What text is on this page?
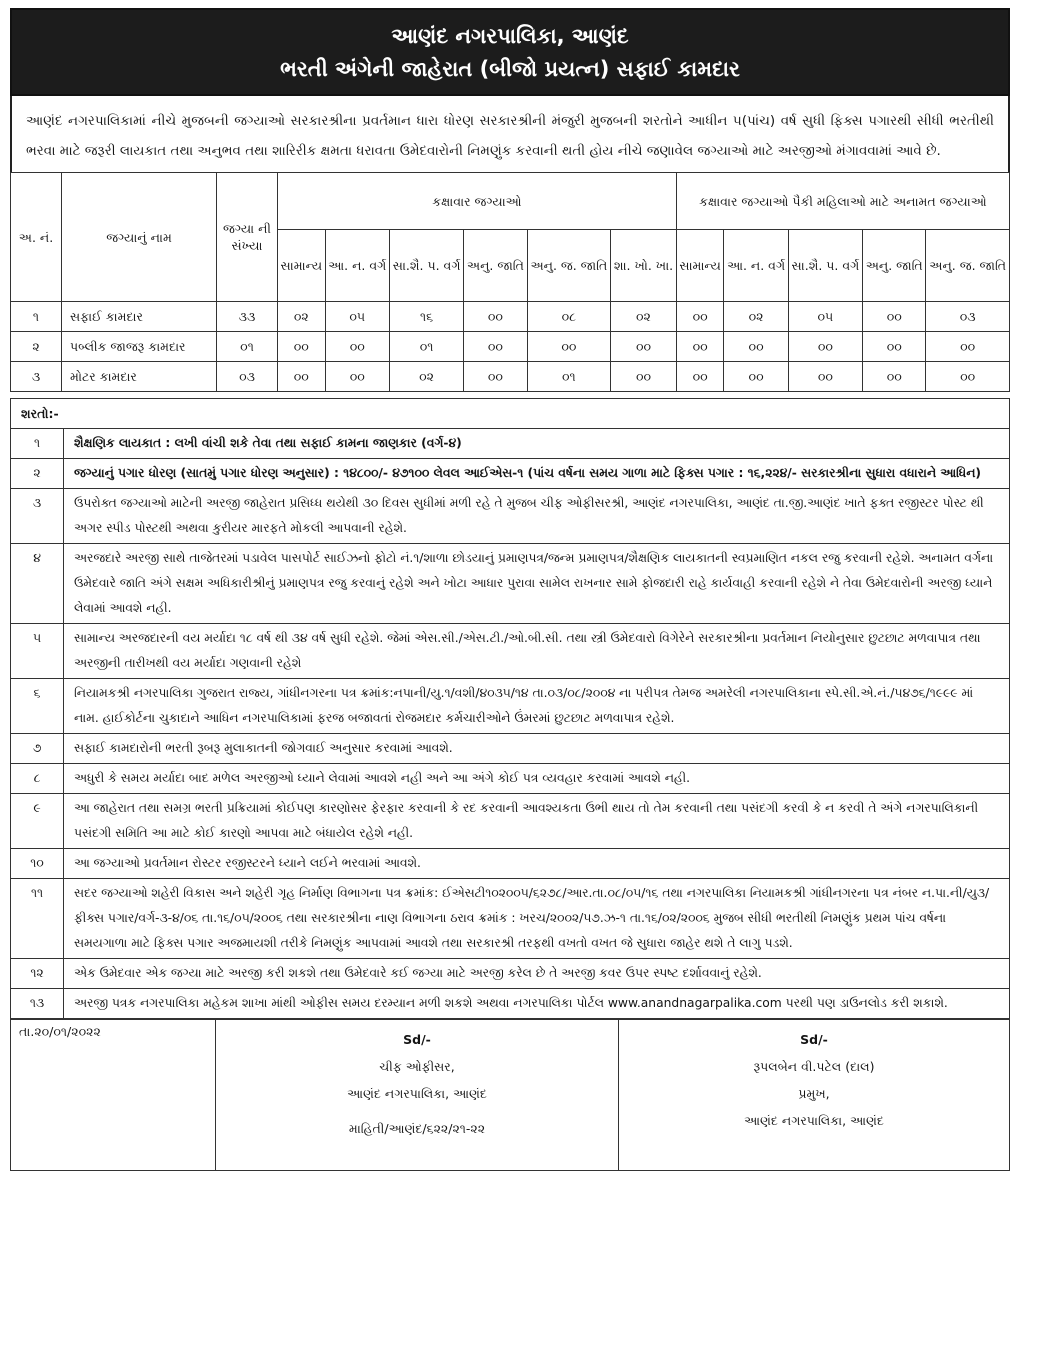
આણંદ નગરપાલિકા, આણંદ
ભરતી અંગેની જાહેરાત (બીજો પ્રયત્ન) સફાઈ કામદાર
આણંદ નગરપાલિકામાં નીચે મુજબની જગ્યાઓ સરકારશ્રીના પ્રવર્તમાન ધારા ધોરણ સરકારશ્રીની મંજુરી મુજબની શરતોને આધીન ૫(પાંચ) વર્ષ સુધી ફિક્સ પગારથી સીધી ભરતીથી ભરવા માટે જરૂરી લાયકાત તથા અનુભવ તથા શારિરીક ક્ષમતા ધરાવતા ઉમેદવારોની નિમણુંક કરવાની થતી હોય નીચે જણાવેલ જગ્યાઓ માટે અરજીઓ મંગાવવામાં આવે છે.
અ. નં.	જગ્યાનું નામ	જગ્યા ની સંખ્યા	કક્ષાવાર જગ્યાઓ						કક્ષાવાર જગ્યાઓ પૈકી મહિલાઓ માટે અનામત જગ્યાઓ				
			સામાન્ય	આ. ન. વર્ગ	સા.શૈ. પ. વર્ગ	અનુ. જાતિ	અનુ. જ. જાતિ	શા. ખો. ખા.	સામાન્ય	આ. ન. વર્ગ	સા.શૈ. પ. વર્ગ	અનુ. જાતિ	અનુ. જ. જાતિ
૧	સફાઈ કામદાર	૩૩	૦૨	૦૫	૧૬	૦૦	૦૮	૦૨	૦૦	૦૨	૦૫	૦૦	૦૩
૨	પબ્લીક જાજરૂ કામદાર	૦૧	૦૦	૦૦	૦૧	૦૦	૦૦	૦૦	૦૦	૦૦	૦૦	૦૦	૦૦
૩	મોટર કામદાર	૦૩	૦૦	૦૦	૦૨	૦૦	૦૧	૦૦	૦૦	૦૦	૦૦	૦૦	૦૦
શરતો:-	
૧	શૈક્ષણિક લાયકાત : લખી વાંચી શકે તેવા તથા સફાઈ કામના જાણકાર (વર્ગ-૪)
૨	જગ્યાનું પગાર ધોરણ (સાતમું પગાર ધોરણ અનુસાર) : ૧૪૮૦૦/- ૪૭૧૦૦ લેવલ આઈએસ-૧ (પાંચ વર્ષના સમય ગાળા માટે ફિક્સ પગાર : ૧૬,૨૨૪/- સરકારશ્રીના સુધારા વધારાને આધિન)
૩	ઉપરોક્ત જગ્યાઓ માટેની અરજી જાહેરાત પ્રસિધ્ધ થયેથી ૩૦ દિવસ સુધીમાં મળી રહે તે મુજબ ચીફ ઓફીસરશ્રી, આણંદ નગરપાલિકા, આણંદ તા.જી.આણંદ ખાતે ફક્ત રજીસ્ટર પોસ્ટ થી અગર સ્પીડ પોસ્ટથી અથવા કુરીયર મારફતે મોકલી આપવાની રહેશે.
૪	અરજદારે અરજી સાથે તાજેતરમાં પડાવેલ પાસપોર્ટ સાઈઝનો ફોટો નં.૧/શાળા છોડયાનું પ્રમાણપત્ર/જન્મ પ્રમાણપત્ર/શૈક્ષણિક લાયકાતની સ્વપ્રમાણિત નકલ રજુ કરવાની રહેશે. અનામત વર્ગના ઉમેદવારે જાતિ અંગે સક્ષમ અધિકારીશ્રીનું પ્રમાણપત્ર રજુ કરવાનું રહેશે અને ખોટા આધાર પુરાવા સામેલ રાખનાર સામે ફોજદારી રાહે કાર્યવાહી કરવાની રહેશે ને તેવા ઉમેદવારોની અરજી ધ્યાને લેવામાં આવશે નહી.
૫	સામાન્ય અરજદારની વય મર્યાદા ૧૮ વર્ષ થી ૩૪ વર્ષ સુધી રહેશે. જેમાં એસ.સી./એસ.ટી./ઓ.બી.સી. તથા સ્ત્રી ઉમેદવારો વિગેરેને સરકારશ્રીના પ્રવર્તમાન નિયોનુસાર છુટછાટ મળવાપાત્ર તથા અરજીની તારીખથી વય મર્યાદા ગણવાની રહેશે
૬	નિયામકશ્રી નગરપાલિકા ગુજરાત રાજ્ય, ગાંધીનગરના પત્ર ક્રમાંક:નપાની/યુ.૧/વશી/૪૦૩૫/૧૪ તા.૦૩/૦૮/૨૦૦૪ ના પરીપત્ર તેમજ અમરેલી નગરપાલિકાના સ્પે.સી.એ.નં./૫૪૭૬/૧૯૯૯ માં નામ. હાઈકોર્ટના ચુકાદાને આધિન નગરપાલિકામાં ફરજ બજાવતાં રોજમદાર કર્મચારીઓને ઉંમરમાં છુટછાટ મળવાપાત્ર રહેશે.
૭	સફાઈ કામદારોની ભરતી રૂબરૂ મુલાકાતની જોગવાઈ અનુસાર કરવામાં આવશે.
૮	અધુરી કે સમય મર્યાદા બાદ મળેલ અરજીઓ ધ્યાને લેવામાં આવશે નહી અને આ અંગે કોઈ પત્ર વ્યવહાર કરવામાં આવશે નહી.
૯	આ જાહેરાત તથા સમગ્ર ભરતી પ્રક્રિયામાં કોઈપણ કારણોસર ફેરફાર કરવાની કે રદ કરવાની આવશ્યકતા ઉભી થાય તો તેમ કરવાની તથા પસંદગી કરવી કે ન કરવી તે અંગે નગરપાલિકાની પસંદગી સમિતિ આ માટે કોઈ કારણો આપવા માટે બંધાયેલ રહેશે નહી.
૧૦	આ જગ્યાઓ પ્રવર્તમાન રોસ્ટર રજીસ્ટરને ધ્યાને લઈને ભરવામાં આવશે.
૧૧	સદર જગ્યાઓ શહેરી વિકાસ અને શહેરી ગૃહ નિર્માણ વિભાગના પત્ર ક્રમાંક: ઈએસટી૧૦૨૦૦૫/૬૨૭૮/આર.તા.૦૮/૦૫/૧૬ તથા નગરપાલિકા નિયામકશ્રી ગાંધીનગરના પત્ર નંબર ન.પા.ની/યુ૩/ફીક્સ પગાર/વર્ગ-૩-૪/૦૬ તા.૧૬/૦૫/૨૦૦૬ તથા સરકારશ્રીના નાણ વિભાગના ઠરાવ ક્રમાંક : ખરચ/૨૦૦૨/૫૭.ઝ-૧ તા.૧૬/૦૨/૨૦૦૬ મુજબ સીધી ભરતીથી નિમણુંક પ્રથમ પાંચ વર્ષના સમયગાળા માટે ફિક્સ પગાર અજમાયશી તરીકે નિમણુંક આપવામાં આવશે તથા સરકારશ્રી તરફથી વખતો વખત જે સુધારા જાહેર થશે તે લાગુ પડશે.
૧૨	એક ઉમેદવાર એક જગ્યા માટે અરજી કરી શકશે તથા ઉમેદવારે કઈ જગ્યા માટે અરજી કરેલ છે તે અરજી કવર ઉપર સ્પષ્ટ દર્શાવવાનું રહેશે.
૧૩	અરજી પત્રક નગરપાલિકા મહેકમ શાખા માંથી ઓફીસ સમય દરમ્યાન મળી શકશે અથવા નગરપાલિકા પોર્ટલ www.anandnagarpalika.com પરથી પણ ડાઉનલોડ કરી શકાશે.
તા.૨૦/૦૧/૨૦૨૨	
Sd/-
ચીફ ઓફીસર,
આણંદ નગરપાલિકા, આણંદ
માહિતી/આણંદ/૬૨૨/૨૧-૨૨

Sd/-
રૂપલબેન વી.પટેલ (દાલ)
પ્રમુખ,
આણંદ નગરપાલિકા, આણંદ
